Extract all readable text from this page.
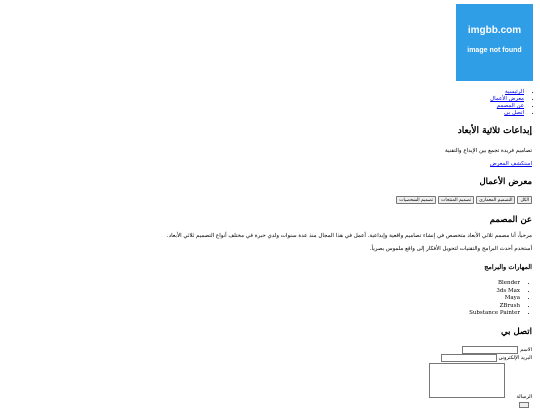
imgbb.com
image not found
• الرئيسية
• معرض الأعمال
• عن المصمم
• اتصل بي
إبداعات ثلاثية الأبعاد

تصاميم فريدة تجمع بين الإبداع والتقنية

استكشف المعرض
معرض الأعمال
الكل
التصميم المعماري
تصميم المنتجات
تصميم الشخصيات
عن المصمم

مرحباً، أنا مصمم ثلاثي الأبعاد متخصص في إنشاء تصاميم واقعية وإبداعية. أعمل في هذا المجال منذ عدة سنوات ولدي خبرة في مختلف أنواع التصميم ثلاثي الأبعاد.

أستخدم أحدث البرامج والتقنيات لتحويل الأفكار إلى واقع ملموس بصرياً.

المهارات والبرامج
• Blender
• 3ds Max
• Maya
• ZBrush
• Substance Painter
اتصل بي
الاسم
البريد الإلكتروني
الرسالة
